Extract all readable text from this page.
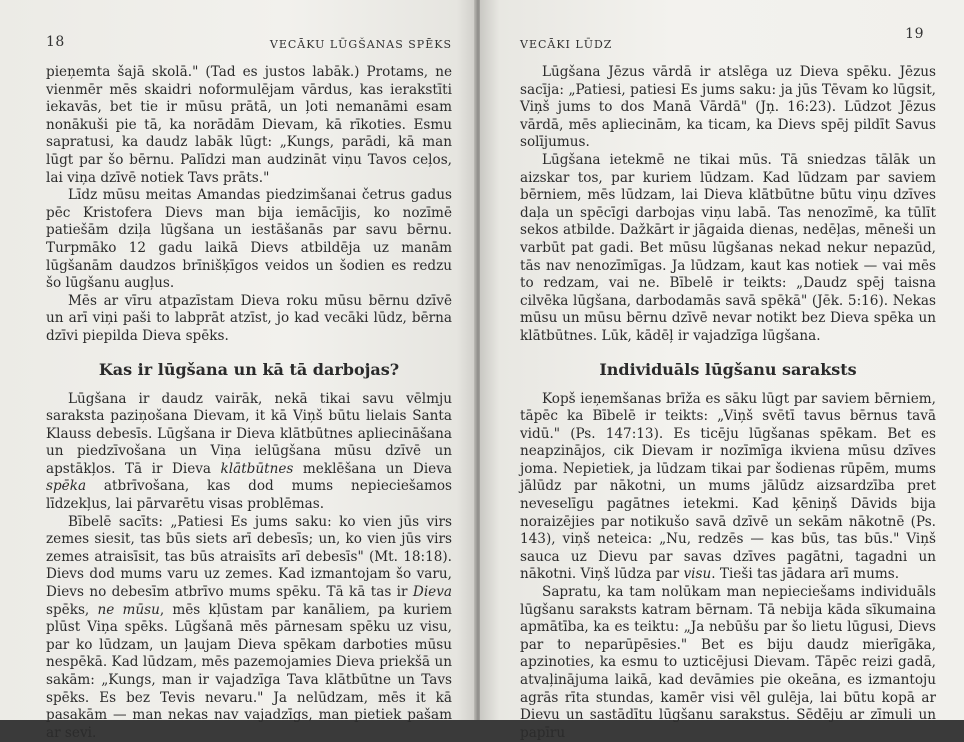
18	VECĀKU LŪGŠANAS SPĒKS

pieņemta šajā skolā." (Tad es justos labāk.) Protams, ne vienmēr mēs skaidri noformulējam vārdus, kas ierakstīti iekavās, bet tie ir mūsu prātā, un ļoti nemanāmi esam nonākuši pie tā, ka norādām Dievam, kā rīkoties. Esmu sapratusi, ka daudz labāk lūgt: „Kungs, parādi, kā man lūgt par šo bērnu. Palīdzi man audzināt viņu Tavos ceļos, lai viņa dzīvē notiek Tavs prāts."

Līdz mūsu meitas Amandas piedzimšanai četrus gadus pēc Kristofera Dievs man bija iemācījis, ko nozīmē patiešām dziļa lūgšana un iestāšanās par savu bērnu. Turpmāko 12 gadu laikā Dievs atbildēja uz manām lūgšanām daudzos brīnišķīgos veidos un šodien es redzu šo lūgšanu augļus.

Mēs ar vīru atpazīstam Dieva roku mūsu bērnu dzīvē un arī viņi paši to labprāt atzīst, jo kad vecāki lūdz, bērna dzīvi piepilda Dieva spēks.

Kas ir lūgšana un kā tā darbojas?

Lūgšana ir daudz vairāk, nekā tikai savu vēlmju saraksta paziņošana Dievam, it kā Viņš būtu lielais Santa Klauss debesīs. Lūgšana ir Dieva klātbūtnes apliecināšana un piedzīvošana un Viņa ielūgšana mūsu dzīvē un apstākļos. Tā ir Dieva klātbūtnes meklēšana un Dieva spēka atbrīvošana, kas dod mums nepieciešamos līdzekļus, lai pārvarētu visas problēmas.

Bībelē sacīts: „Patiesi Es jums saku: ko vien jūs virs zemes siesit, tas būs siets arī debesīs; un, ko vien jūs virs zemes atraisīsit, tas būs atraisīts arī debesīs" (Mt. 18:18). Dievs dod mums varu uz zemes. Kad izmantojam šo varu, Dievs no debesīm atbrīvo mums spēku. Tā kā tas ir Dieva spēks, ne mūsu, mēs kļūstam par kanāliem, pa kuriem plūst Viņa spēks. Lūgšanā mēs pārnesam spēku uz visu, par ko lūdzam, un ļaujam Dieva spēkam darboties mūsu nespēkā. Kad lūdzam, mēs pazemojamies Dieva priekšā un sakām: „Kungs, man ir vajadzīga Tava klātbūtne un Tavs spēks. Es bez Tevis nevaru." Ja nelūdzam, mēs it kā pasakām — man nekas nav vajadzīgs, man pietiek pašam ar sevi.

VECĀKI LŪDZ
19

Lūgšana Jēzus vārdā ir atslēga uz Dieva spēku. Jēzus sacīja: „Patiesi, patiesi Es jums saku: ja jūs Tēvam ko lūgsit, Viņš jums to dos Manā Vārdā" (Jņ. 16:23). Lūdzot Jēzus vārdā, mēs apliecinām, ka ticam, ka Dievs spēj pildīt Savus solījumus.

Lūgšana ietekmē ne tikai mūs. Tā sniedzas tālāk un aizskar tos, par kuriem lūdzam. Kad lūdzam par saviem bērniem, mēs lūdzam, lai Dieva klātbūtne būtu viņu dzīves daļa un spēcīgi darbojas viņu labā. Tas nenozīmē, ka tūlīt sekos atbilde. Dažkārt ir jāgaida dienas, nedēļas, mēneši un varbūt pat gadi. Bet mūsu lūgšanas nekad nekur nepazūd, tās nav nenozīmīgas. Ja lūdzam, kaut kas notiek — vai mēs to redzam, vai ne. Bībelē ir teikts: „Daudz spēj taisna cilvēka lūgšana, darbodamās savā spēkā" (Jēk. 5:16). Nekas mūsu un mūsu bērnu dzīvē nevar notikt bez Dieva spēka un klātbūtnes. Lūk, kādēļ ir vajadzīga lūgšana.

Individuāls lūgšanu saraksts

Kopš ieņemšanas brīža es sāku lūgt par saviem bērniem, tāpēc ka Bībelē ir teikts: „Viņš svētī tavus bērnus tavā vidū." (Ps. 147:13). Es ticēju lūgšanas spēkam. Bet es neapzinājos, cik Dievam ir nozīmīga ikviena mūsu dzīves joma. Nepietiek, ja lūdzam tikai par šodienas rūpēm, mums jālūdz par nākotni, un mums jālūdz aizsardzība pret neveselīgu pagātnes ietekmi. Kad ķēniņš Dāvids bija noraizējies par notikušo savā dzīvē un sekām nākotnē (Ps. 143), viņš neteica: „Nu, redzēs — kas būs, tas būs." Viņš sauca uz Dievu par savas dzīves pagātni, tagadni un nākotni. Viņš lūdza par visu. Tieši tas jādara arī mums.

Sapratu, ka tam nolūkam man nepieciešams individuāls lūgšanu saraksts katram bērnam. Tā nebija kāda sīkumaina apmātība, ka es teiktu: „Ja nebūšu par šo lietu lūgusi, Dievs par to neparūpēsies." Bet es biju daudz mierīgāka, apzinoties, ka esmu to uzticējusi Dievam. Tāpēc reizi gadā, atvaļinājuma laikā, kad devāmies pie okeāna, es izmantoju agrās rīta stundas, kamēr visi vēl gulēja, lai būtu kopā ar Dievu un sastādītu lūgšanu sarakstus. Sēdēju ar zīmuli un papīru
